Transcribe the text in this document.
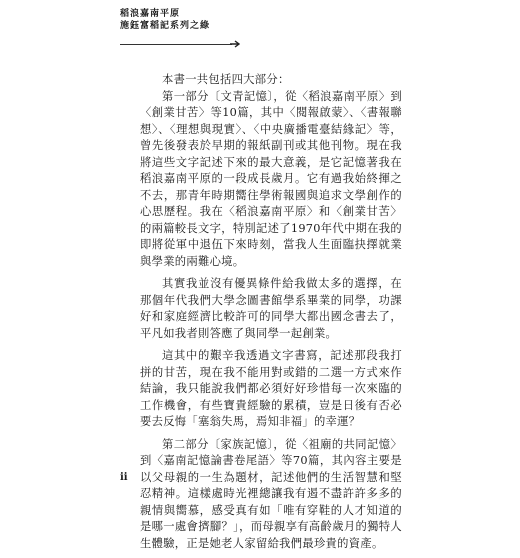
稻浪嘉南平原
施鈺富稻記系列之綠

本書一共包括四大部分：

第一部分〔文青記憶〕，從〈稻浪嘉南平原〉到〈創業甘苦〉等10篇，其中〈閱報啟蒙〉、〈書報聯想〉、〈理想與現實〉、〈中央廣播電臺結緣記〉等，曾先後發表於早期的報紙副刊或其他刊物。現在我將這些文字記述下來的最大意義，是它記憶著我在稻浪嘉南平原的一段成長歲月。它有過我始終揮之不去，那青年時期嚮往學術報國與追求文學創作的心思歷程。我在〈稻浪嘉南平原〉和〈創業甘苦〉的兩篇較長文字，特別記述了1970年代中期在我的即將從軍中退伍下來時刻，當我人生面臨抉擇就業與學業的兩難心境。

其實我並沒有優異條件給我做太多的選擇，在那個年代我們大學念圖書館學系畢業的同學，功課好和家庭經濟比較許可的同學大都出國念書去了，平凡如我者則答應了與同學一起創業。

這其中的艱辛我透過文字書寫，記述那段我打拼的甘苦，現在我不能用對或錯的二選一方式來作結論，我只能說我們都必須好好珍惜每一次來臨的工作機會，有些寶貴經驗的累積，豈是日後有否必要去反悔「塞翁失馬，焉知非福」的幸運？

第二部分〔家族記憶〕，從〈祖廟的共同記憶〉到〈嘉南記憶論書卷尾語〉等70篇，其內容主要是以父母親的一生為題材，記述他們的生活智慧和堅忍精神。這樣處時光裡總讓我有遏不盡許許多多的親情與嚮慕，感受真有如「唯有穿鞋的人才知道的是哪一處會擠腳？」，而母親享有高齡歲月的獨特人生體驗，正是她老人家留給我們最珍貴的資產。

ii
